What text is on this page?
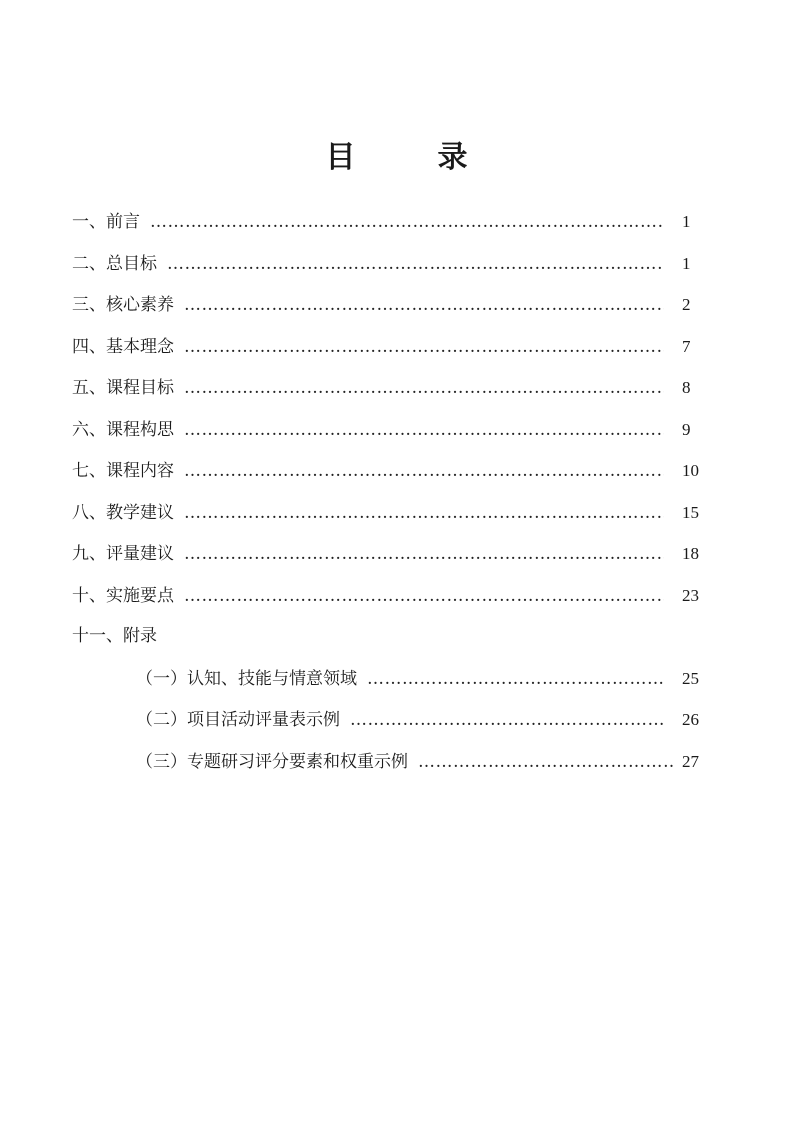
目　录
一、前言 ……………………………………………………………………………………………………………………………………………………………………………………	1
二、总目标 ……………………………………………………………………………………………………………………………………………………………………………………	1
三、核心素养 ……………………………………………………………………………………………………………………………………………………………………………………	2
四、基本理念 ……………………………………………………………………………………………………………………………………………………………………………………	7
五、课程目标 ……………………………………………………………………………………………………………………………………………………………………………………	8
六、课程构思 ……………………………………………………………………………………………………………………………………………………………………………………	9
七、课程内容 ……………………………………………………………………………………………………………………………………………………………………………………	10
八、教学建议 ……………………………………………………………………………………………………………………………………………………………………………………	15
九、评量建议 ……………………………………………………………………………………………………………………………………………………………………………………	18
十、实施要点 ……………………………………………………………………………………………………………………………………………………………………………………	23
十一、附录
（一）认知、技能与情意领域 ……………………………………………………………………………………………………………………………………………………………………………………	25
（二）项目活动评量表示例 ……………………………………………………………………………………………………………………………………………………………………………………	26
（三）专题研习评分要素和权重示例 ……………………………………………………………………………………………………………………………………………………………………………………	27
